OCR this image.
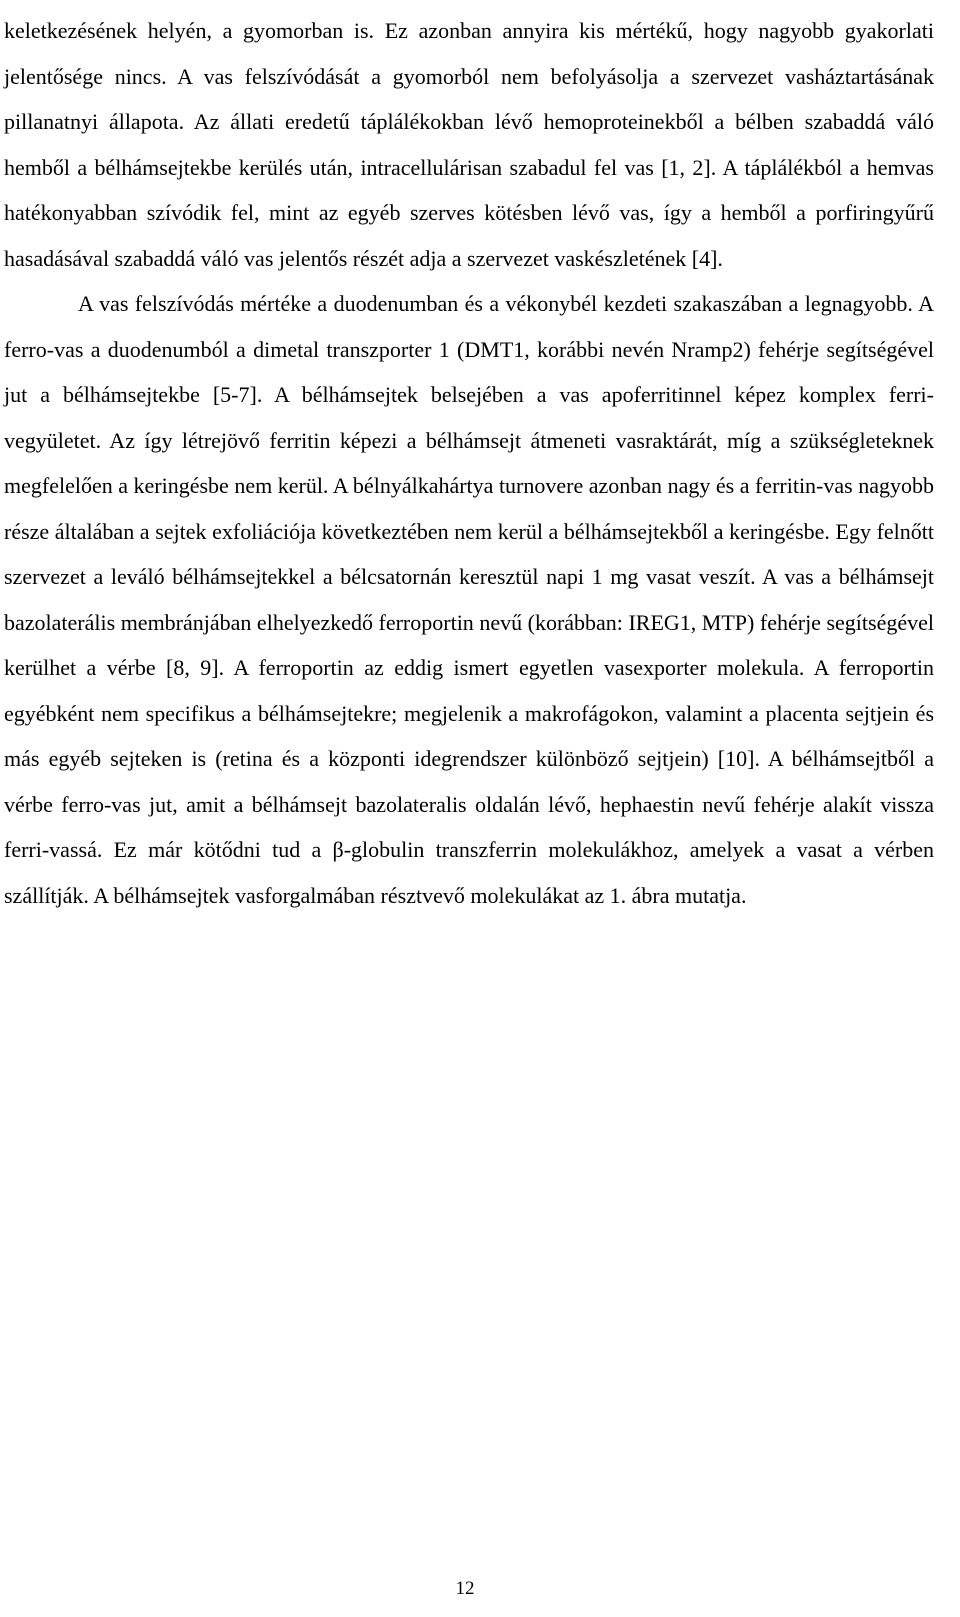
keletkezésének helyén, a gyomorban is. Ez azonban annyira kis mértékű, hogy nagyobb gyakorlati jelentősége nincs. A vas felszívódását a gyomorból nem befolyásolja a szervezet vasháztartásának pillanatnyi állapota. Az állati eredetű táplálékokban lévő hemoproteinekből a bélben szabaddá váló hemből a bélhámsejtekbe kerülés után, intracellulárisan szabadul fel vas [1, 2]. A táplálékból a hemvas hatékonyabban szívódik fel, mint az egyéb szerves kötésben lévő vas, így a hemből a porfiringyűrű hasadásával szabaddá váló vas jelentős részét adja a szervezet vaskészletének [4].

A vas felszívódás mértéke a duodenumban és a vékonybél kezdeti szakaszában a legnagyobb. A ferro-vas a duodenumból a dimetal transzporter 1 (DMT1, korábbi nevén Nramp2) fehérje segítségével jut a bélhámsejtekbe [5-7]. A bélhámsejtek belsejében a vas apoferritinnel képez komplex ferri-vegyületet. Az így létrejövő ferritin képezi a bélhámsejt átmeneti vasraktárát, míg a szükségleteknek megfelelően a keringésbe nem kerül. A bélnyálkahártya turnovere azonban nagy és a ferritin-vas nagyobb része általában a sejtek exfoliációja következtében nem kerül a bélhámsejtekből a keringésbe. Egy felnőtt szervezet a leváló bélhámsejtekkel a bélcsatornán keresztül napi 1 mg vasat veszít. A vas a bélhámsejt bazolaterális membránjában elhelyezkedő ferroportin nevű (korábban: IREG1, MTP) fehérje segítségével kerülhet a vérbe [8, 9]. A ferroportin az eddig ismert egyetlen vasexporter molekula. A ferroportin egyébként nem specifikus a bélhámsejtekre; megjelenik a makrofágokon, valamint a placenta sejtjein és más egyéb sejteken is (retina és a központi idegrendszer különböző sejtjein) [10]. A bélhámsejtből a vérbe ferro-vas jut, amit a bélhámsejt bazolateralis oldalán lévő, hephaestin nevű fehérje alakít vissza ferri-vassá. Ez már kötődni tud a β-globulin transzferrin molekulákhoz, amelyek a vasat a vérben szállítják. A bélhámsejtek vasforgalmában résztvevő molekulákat az 1. ábra mutatja.

12
